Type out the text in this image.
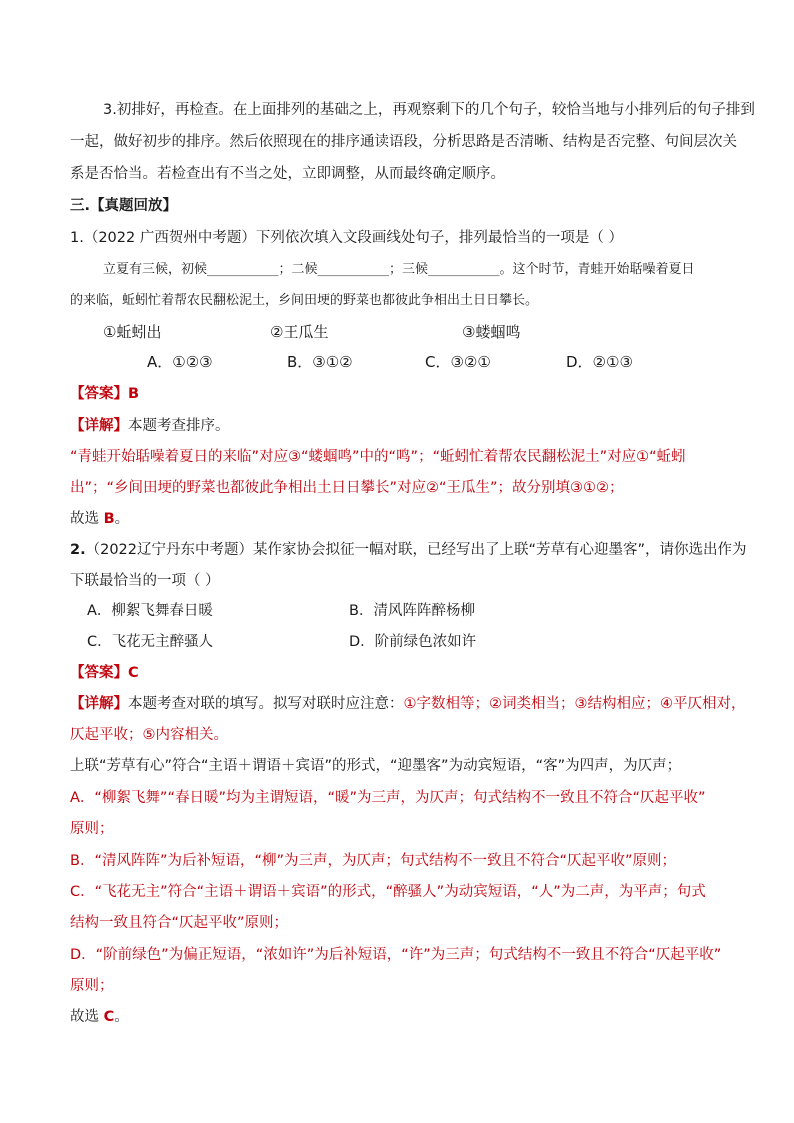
3.初排好，再检查。在上面排列的基础之上，再观察剩下的几个句子，较恰当地与小排列后的句子排到
一起，做好初步的排序。然后依照现在的排序通读语段，分析思路是否清晰、结构是否完整、句间层次关
系是否恰当。若检查出有不当之处，立即调整，从而最终确定顺序。
三.【真题回放】
1.（2022 广西贺州中考题）下列依次填入文段画线处句子，排列最恰当的一项是（ ）
立夏有三候，初候___________；二候___________；三候___________。这个时节，青蛙开始聒噪着夏日
的来临，蚯蚓忙着帮农民翻松泥土，乡间田埂的野菜也都彼此争相出土日日攀长。
①蚯蚓出	②王瓜生	③蝼蝈鸣
A．①②③	B．③①②	C．③②①	D．②①③
【答案】B
【详解】本题考查排序。
“青蛙开始聒噪着夏日的来临”对应③“蝼蝈鸣”中的“鸣”；“蚯蚓忙着帮农民翻松泥土”对应①“蚯蚓
出”；“乡间田埂的野菜也都彼此争相出土日日攀长”对应②“王瓜生”；故分别填③①②；
故选 B。
2.（2022辽宁丹东中考题）某作家协会拟征一幅对联，已经写出了上联“芳草有心迎墨客”，请你选出作为
下联最恰当的一项（ ）
A．柳絮飞舞春日暖	B．清风阵阵醉杨柳
C．飞花无主醉骚人	D．阶前绿色浓如许
【答案】C
【详解】本题考查对联的填写。拟写对联时应注意：①字数相等；②词类相当；③结构相应；④平仄相对，
仄起平收；⑤内容相关。
上联“芳草有心”符合“主语＋谓语＋宾语”的形式，“迎墨客”为动宾短语，“客”为四声，为仄声；
A．“柳絮飞舞”“春日暖”均为主谓短语，“暖”为三声，为仄声；句式结构不一致且不符合“仄起平收”
原则；
B．“清风阵阵”为后补短语，“柳”为三声，为仄声；句式结构不一致且不符合“仄起平收”原则；
C．“飞花无主”符合“主语＋谓语＋宾语”的形式，“醉骚人”为动宾短语，“人”为二声，为平声；句式
结构一致且符合“仄起平收”原则；
D．“阶前绿色”为偏正短语，“浓如许”为后补短语，“许”为三声；句式结构不一致且不符合“仄起平收”
原则；
故选 C。
